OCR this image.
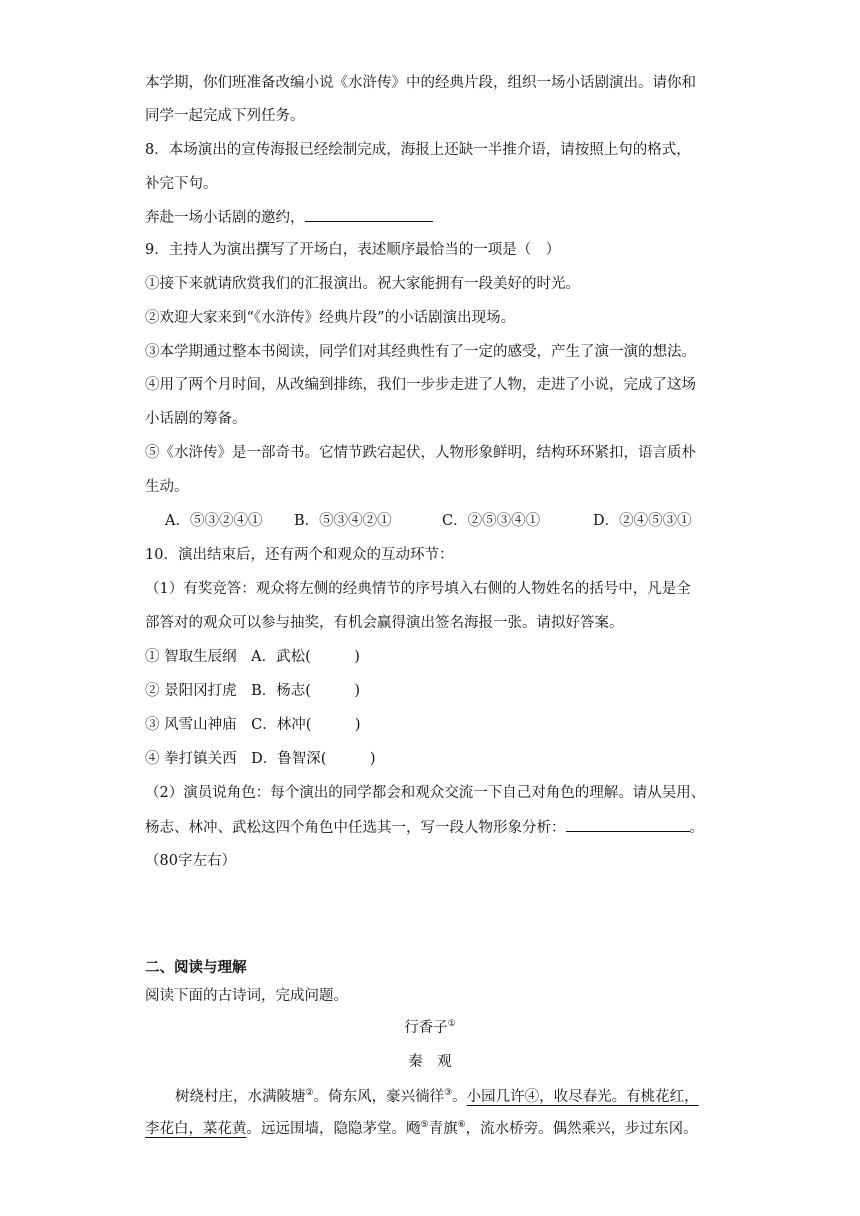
本学期，你们班准备改编小说《水浒传》中的经典片段，组织一场小话剧演出。请你和
同学一起完成下列任务。
8．本场演出的宣传海报已经绘制完成，海报上还缺一半推介语，请按照上句的格式，
补完下句。
奔赴一场小话剧的邀约，
9．主持人为演出撰写了开场白，表述顺序最恰当的一项是（　）
①接下来就请欣赏我们的汇报演出。祝大家能拥有一段美好的时光。
②欢迎大家来到“《水浒传》经典片段”的小话剧演出现场。
③本学期通过整本书阅读，同学们对其经典性有了一定的感受，产生了演一演的想法。
④用了两个月时间，从改编到排练，我们一步步走进了人物，走进了小说，完成了这场
小话剧的筹备。
⑤《水浒传》是一部奇书。它情节跌宕起伏，人物形象鲜明，结构环环紧扣，语言质朴
生动。
A．⑤③②④① B．⑤③④②①	C．②⑤③④①	D．②④⑤③①
10．演出结束后，还有两个和观众的互动环节：
（1）有奖竞答：观众将左侧的经典情节的序号填入右侧的人物姓名的括号中，凡是全
部答对的观众可以参与抽奖，有机会赢得演出签名海报一张。请拟好答案。
① 智取生辰纲　A．武松(　　　)
② 景阳冈打虎　B．杨志(　　　)
③ 风雪山神庙　C．林冲(　　　)
④ 拳打镇关西　D．鲁智深(　　　)
（2）演员说角色：每个演出的同学都会和观众交流一下自己对角色的理解。请从吴用、
杨志、林冲、武松这四个角色中任选其一，写一段人物形象分析：	。
（80字左右）
二、阅读与理解
阅读下面的古诗词，完成问题。
行香子①
秦　观
树绕村庄，水满陂塘②。倚东风，豪兴徜徉③。小园几许④，收尽春光。有桃花红，
李花白，菜花黄。远远围墙，隐隐茅堂。飏⑤青旗⑥，流水桥旁。偶然乘兴，步过东冈。
